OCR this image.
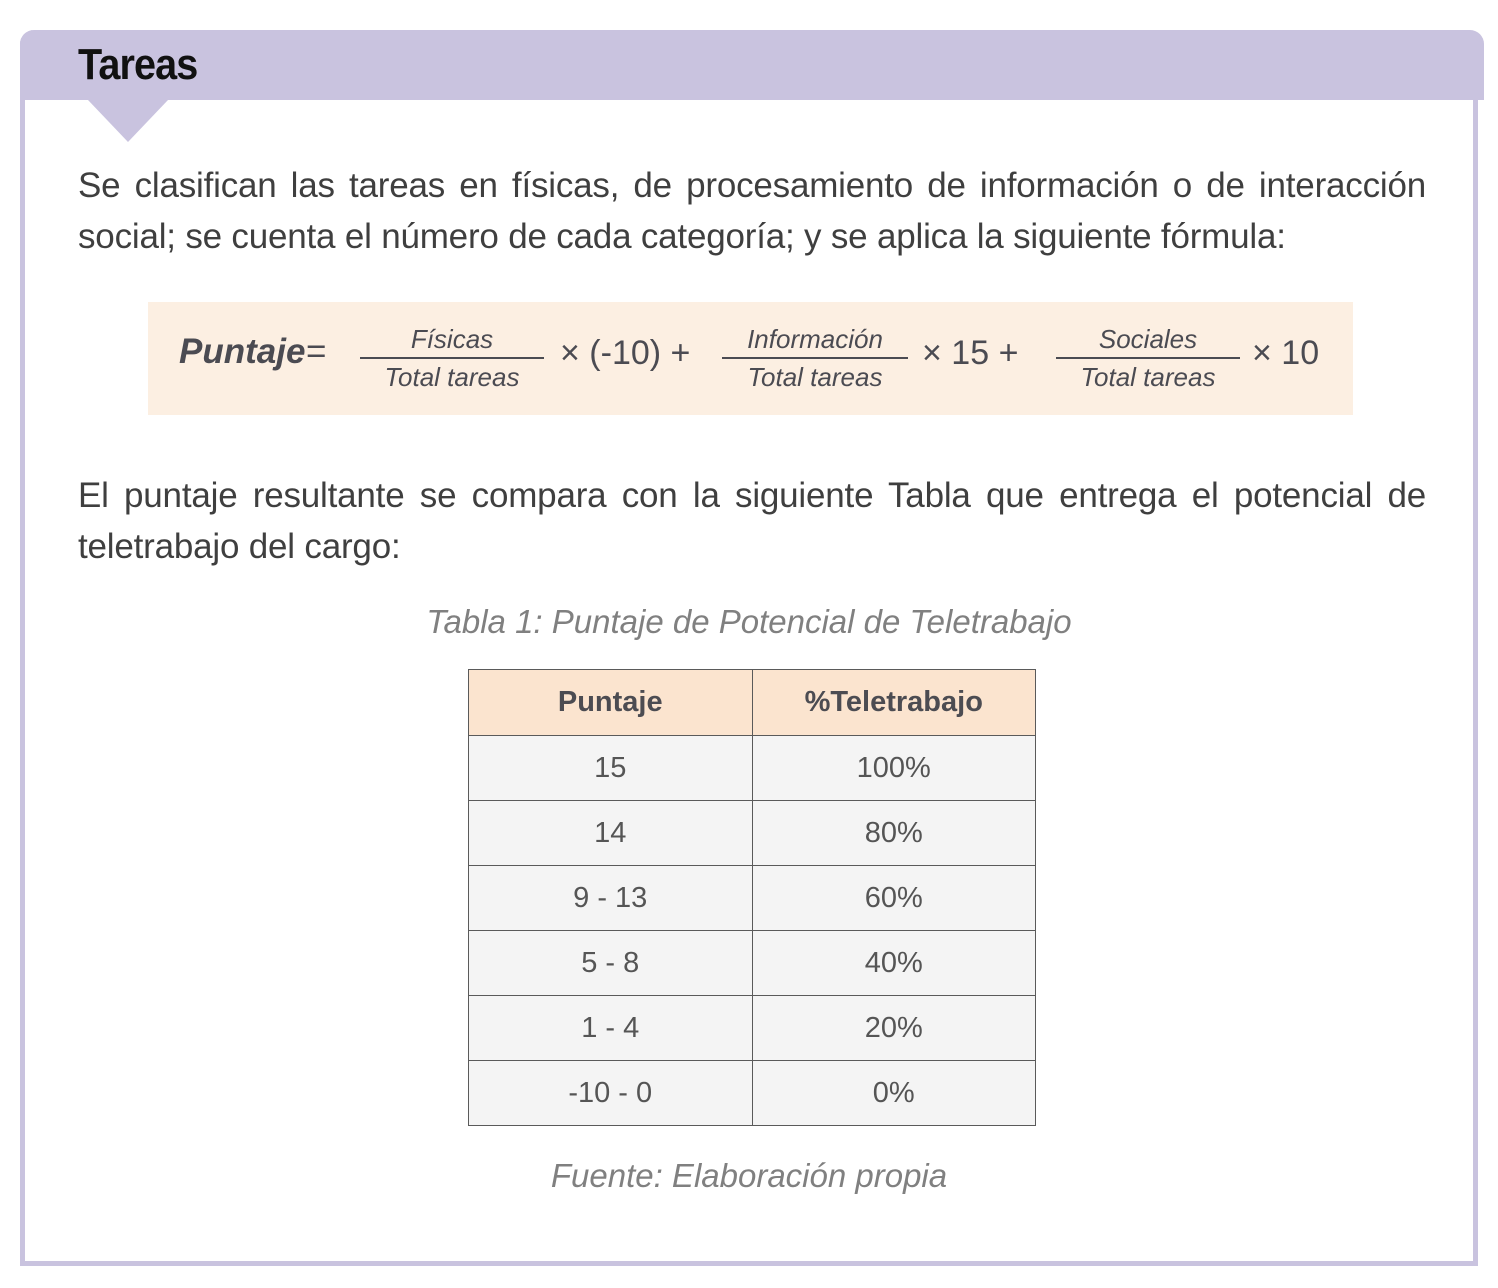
Tareas
Se clasifican las tareas en físicas, de procesamiento de información o de interacción social; se cuenta el número de cada categoría; y se aplica la siguiente fórmula:
Puntaje =	Físicas
Total tareas
× (-10) +	Información
Total tareas
× 15 +	Sociales
Total tareas
× 10
El puntaje resultante se compara con la siguiente Tabla que entrega el potencial de teletrabajo del cargo:
Tabla 1: Puntaje de Potencial de Teletrabajo
Puntaje	%Teletrabajo
15	100%
14	80%
9 - 13	60%
5 - 8	40%
1 - 4	20%
-10 - 0	0%
Fuente: Elaboración propia
